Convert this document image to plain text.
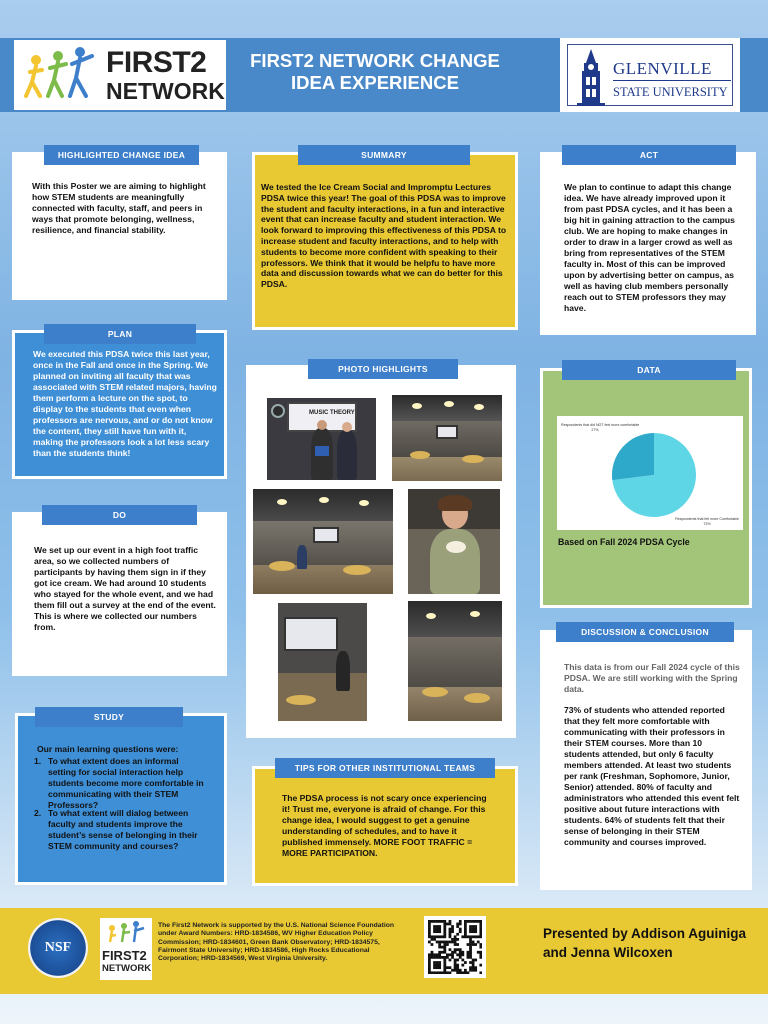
FIRST2
NETWORK
FIRST2 NETWORK CHANGE IDEA EXPERIENCE
GLENVILLE
STATE UNIVERSITY
HIGHLIGHTED CHANGE IDEA
With this Poster we are aiming to highlight how STEM students are meaningfully connected with faculty, staff, and peers in ways that promote belonging, wellness, resilience, and financial stability.
SUMMARY
We tested the Ice Cream Social and Impromptu Lectures PDSA twice this year! The goal of this PDSA was to improve the student and faculty interactions, in a fun and interactive event that can increase faculty and student interaction. We look forward to improving this effectiveness of this PDSA to increase student and faculty interactions, and to help with students to become more confident with speaking to their professors. We think that it would be helpfu to have more data and discussion towards what we can do better for this PDSA.
ACT
We plan to continue to adapt this change idea. We have already improved upon it from past PDSA cycles, and it has been a big hit in gaining attraction to the campus club. We are hoping to make changes in order to draw in a larger crowd as well as bring from representatives of the STEM faculty in. Most of this can be improved upon by advertising better on campus, as well as having club members personally reach out to STEM professors they may have.
PLAN
We executed this PDSA twice this last year, once in the Fall and once in the Spring. We planned on inviting all faculty that was associated with STEM related majors, having them perform a lecture on the spot, to display to the students that even when professors are nervous, and or do not know the content, they still have fun with it, making the professors look a lot less scary than the students think!
PHOTO HIGHLIGHTS
MUSIC THEORY
DATA
Respondents that did NOT feel more comfortable
27%
Respondents that felt more Comfortable
73%
Based on Fall 2024 PDSA Cycle
DO
We set up our event in a high foot traffic area, so we collected numbers of participants by having them sign in if they got ice cream. We had around 10 students who stayed for the whole event, and we had them fill out a survey at the end of the event. This is where we collected our numbers from.	DISCUSSION & CONCLUSION
This data is from our Fall 2024 cycle of this PDSA. We are still working with the Spring data.
73% of students who attended reported that they felt more comfortable with communicating with their professors in their STEM courses. More than 10 students attended, but only 6 faculty members attended. At least two students per rank (Freshman, Sophomore, Junior, Senior) attended. 80% of faculty and administrators who attended this event felt positive about future interactions with students. 64% of students felt that their sense of belonging in their STEM community and courses improved.
STUDY
Our main learning questions were:
1. To what extent does an informal setting for social interaction help students become more comfortable in communicating with their STEM Professors?
2. To what extent will dialog between faculty and students improve the student’s sense of belonging in their STEM community and courses?
TIPS FOR OTHER INSTITUTIONAL TEAMS
The PDSA process is not scary once experiencing it! Trust me, everyone is afraid of change. For this change idea, I would suggest to get a genuine understanding of schedules, and to have it published immensely. MORE FOOT TRAFFIC = MORE PARTICIPATION.
NSF
FIRST2
NETWORK
The First2 Network is supported by the U.S. National Science Foundation under Award Numbers: HRD-1834586, WV Higher Education Policy Commission; HRD-1834601, Green Bank Observatory; HRD-1834575, Fairmont State University; HRD-1834586, High Rocks Educational Corporation; HRD-1834569, West Virginia University.
Presented by Addison Aguiniga and Jenna Wilcoxen
